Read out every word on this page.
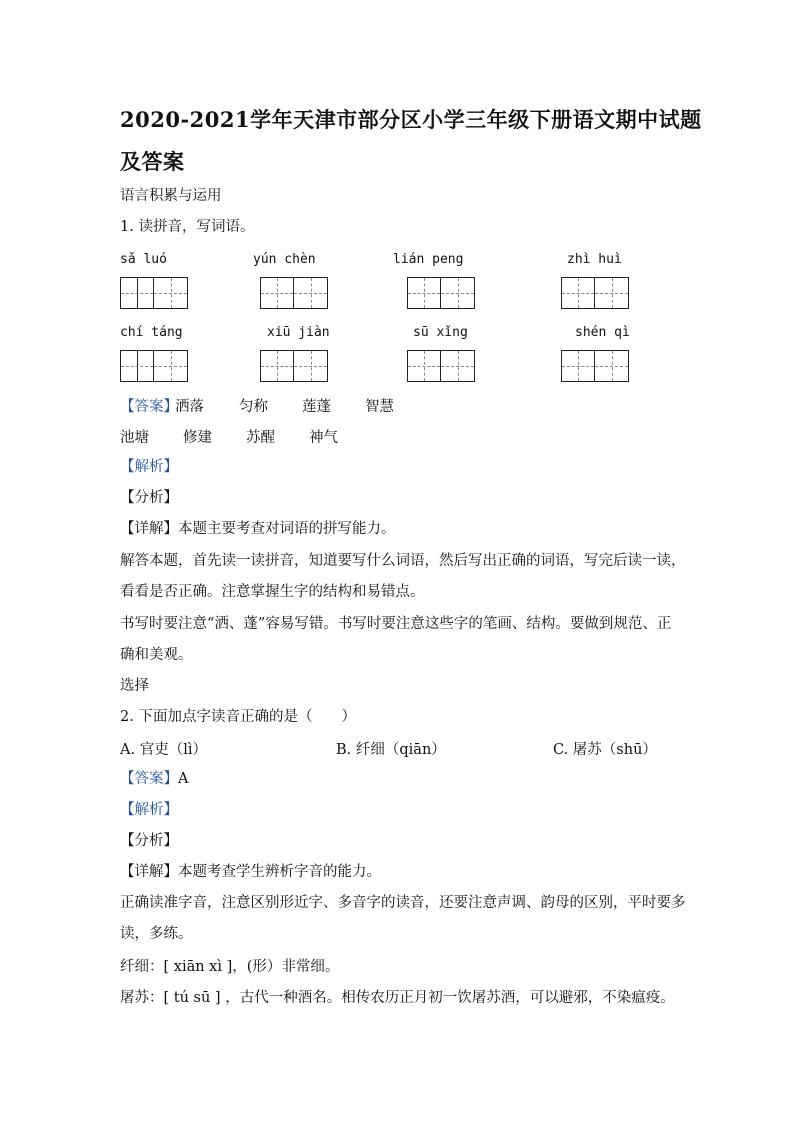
2020-2021学年天津市部分区小学三年级下册语文期中试题
及答案
语言积累与运用
1. 读拼音，写词语。
sǎ luó	yún chèn	lián peng	zhì huì
chí táng	xiū jiàn	sū xǐng	shén qì
【答案】
洒落 匀称 莲蓬 智慧
池塘 修建 苏醒 神气
【解析】
【分析】
【详解】本题主要考查对词语的拼写能力。
解答本题，首先读一读拼音，知道要写什么词语，然后写出正确的词语，写完后读一读，
看看是否正确。注意掌握生字的结构和易错点。
书写时要注意“洒、蓬”容易写错。书写时要注意这些字的笔画、结构。要做到规范、正
确和美观。
选择
2. 下面加点字读音正确的是（　　）
A. 官吏（lì）	B. 纤细（qiān）	C. 屠苏（shū）
【答案】A
【解析】
【分析】
【详解】本题考查学生辨析字音的能力。
正确读准字音，注意区别形近字、多音字的读音，还要注意声调、韵母的区别，平时要多
读，多练。
纤细：[ xiān xì ]，(形）非常细。
屠苏：[ tú sū ] ，古代一种酒名。相传农历正月初一饮屠苏酒，可以避邪，不染瘟疫。
